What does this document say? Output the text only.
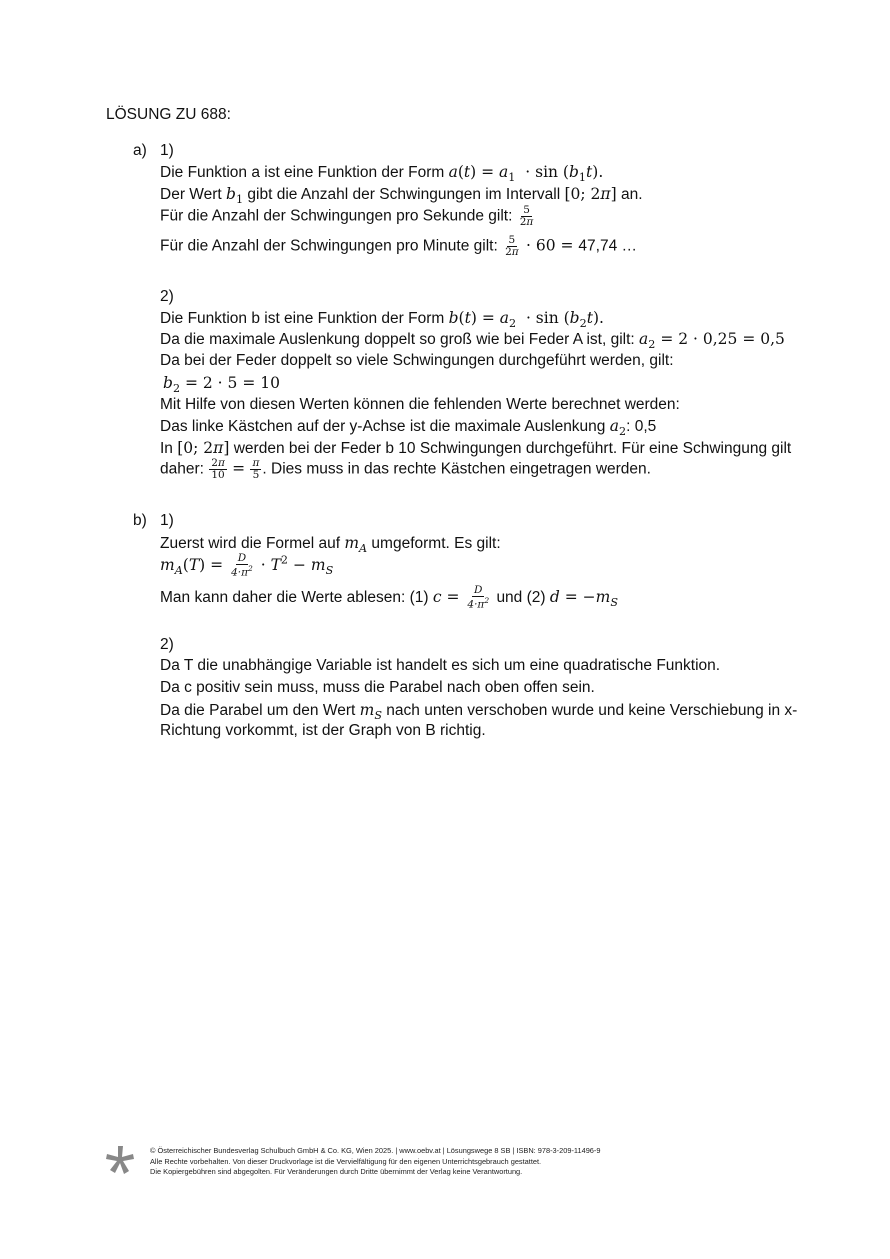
LÖSUNG ZU 688:
a) 1)
Die Funktion a ist eine Funktion der Form $a(t) = a_1 \cdot \sin (b_1t)$.
Der Wert $b_1$ gibt die Anzahl der Schwingungen im Intervall [0; 2π] an.
Für die Anzahl der Schwingungen pro Sekunde gilt: $\frac{5}{2\pi}$
Für die Anzahl der Schwingungen pro Minute gilt: $\frac{5}{2\pi} \cdot 60 = 47,74$ …
2)
Die Funktion b ist eine Funktion der Form $b(t) = a_2 \cdot \sin (b_2t)$.
Da die maximale Auslenkung doppelt so groß wie bei Feder A ist, gilt: $a_2 = 2 \cdot 0,25 = 0,5$
Da bei der Feder doppelt so viele Schwingungen durchgeführt werden, gilt:
$b_2 = 2 \cdot 5 = 10$
Mit Hilfe von diesen Werten können die fehlenden Werte berechnet werden:
Das linke Kästchen auf der y-Achse ist die maximale Auslenkung $a_2$: 0,5
In [0; 2π] werden bei der Feder b 10 Schwingungen durchgeführt. Für eine Schwingung gilt
daher: $\frac{2\pi}{10} = \frac{\pi}{5}$ . Dies muss in das rechte Kästchen eingetragen werden.
b) 1)
Zuerst wird die Formel auf $m_A$ umgeformt. Es gilt:
$m_A(T) = \frac{D}{4\cdot\pi^2} \cdot T^2 - m_S$
Man kann daher die Werte ablesen: (1) $c = \frac{D}{4\cdot\pi^2}$ und (2) $d = -m_S$
2)
Da T die unabhängige Variable ist handelt es sich um eine quadratische Funktion.
Da c positiv sein muss, muss die Parabel nach oben offen sein.
Da die Parabel um den Wert $m_S$ nach unten verschoben wurde und keine Verschiebung in x-
Richtung vorkommt, ist der Graph von B richtig.
© Österreichischer Bundesverlag Schulbuch GmbH & Co. KG, Wien 2025. | www.oebv.at | Lösungswege 8 SB | ISBN: 978-3-209-11496-9
Alle Rechte vorbehalten. Von dieser Druckvorlage ist die Vervielfältigung für den eigenen Unterrichtsgebrauch gestattet.
Die Kopiergebühren sind abgegolten. Für Veränderungen durch Dritte übernimmt der Verlag keine Verantwortung.
